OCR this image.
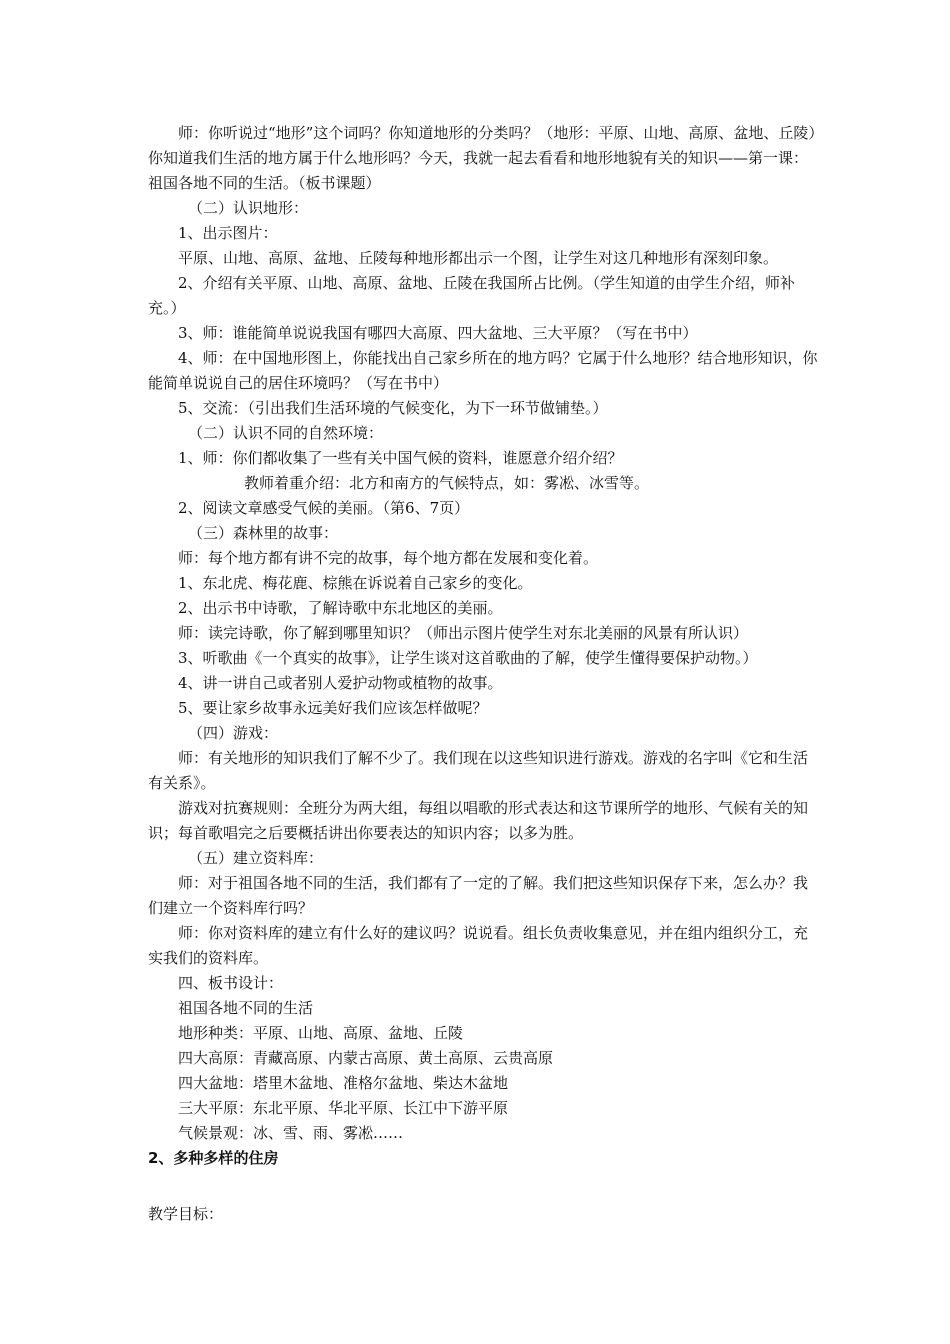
师：你听说过“地形”这个词吗？你知道地形的分类吗？（地形：平原、山地、高原、盆地、丘陵）你知道我们生活的地方属于什么地形吗？今天，我就一起去看看和地形地貌有关的知识——第一课：祖国各地不同的生活。（板书课题）

（二）认识地形：

1、出示图片：

平原、山地、高原、盆地、丘陵每种地形都出示一个图，让学生对这几种地形有深刻印象。

2、介绍有关平原、山地、高原、盆地、丘陵在我国所占比例。（学生知道的由学生介绍，师补充。）

3、师：谁能简单说说我国有哪四大高原、四大盆地、三大平原？（写在书中）

4、师：在中国地形图上，你能找出自己家乡所在的地方吗？它属于什么地形？结合地形知识，你能简单说说自己的居住环境吗？（写在书中）

5、交流：（引出我们生活环境的气候变化，为下一环节做铺垫。）

（二）认识不同的自然环境：

1、师：你们都收集了一些有关中国气候的资料，谁愿意介绍介绍？

教师着重介绍：北方和南方的气候特点，如：雾凇、冰雪等。

2、阅读文章感受气候的美丽。（第6、7页）

（三）森林里的故事：

师：每个地方都有讲不完的故事，每个地方都在发展和变化着。

1、东北虎、梅花鹿、棕熊在诉说着自己家乡的变化。

2、出示书中诗歌，了解诗歌中东北地区的美丽。

师：读完诗歌，你了解到哪里知识？（师出示图片使学生对东北美丽的风景有所认识）

3、听歌曲《一个真实的故事》，让学生谈对这首歌曲的了解，使学生懂得要保护动物。）

4、讲一讲自己或者别人爱护动物或植物的故事。

5、要让家乡故事永远美好我们应该怎样做呢？

（四）游戏：

师：有关地形的知识我们了解不少了。我们现在以这些知识进行游戏。游戏的名字叫《它和生活有关系》。

游戏对抗赛规则：全班分为两大组，每组以唱歌的形式表达和这节课所学的地形、气候有关的知识；每首歌唱完之后要概括讲出你要表达的知识内容；以多为胜。

（五）建立资料库：

师：对于祖国各地不同的生活，我们都有了一定的了解。我们把这些知识保存下来，怎么办？我们建立一个资料库行吗？

师：你对资料库的建立有什么好的建议吗？说说看。组长负责收集意见，并在组内组织分工，充实我们的资料库。

四、板书设计：

祖国各地不同的生活

地形种类：平原、山地、高原、盆地、丘陵

四大高原：青藏高原、内蒙古高原、黄土高原、云贵高原

四大盆地：塔里木盆地、准格尔盆地、柴达木盆地

三大平原：东北平原、华北平原、长江中下游平原

气候景观：冰、雪、雨、雾凇……

2、多种多样的住房

教学目标：
